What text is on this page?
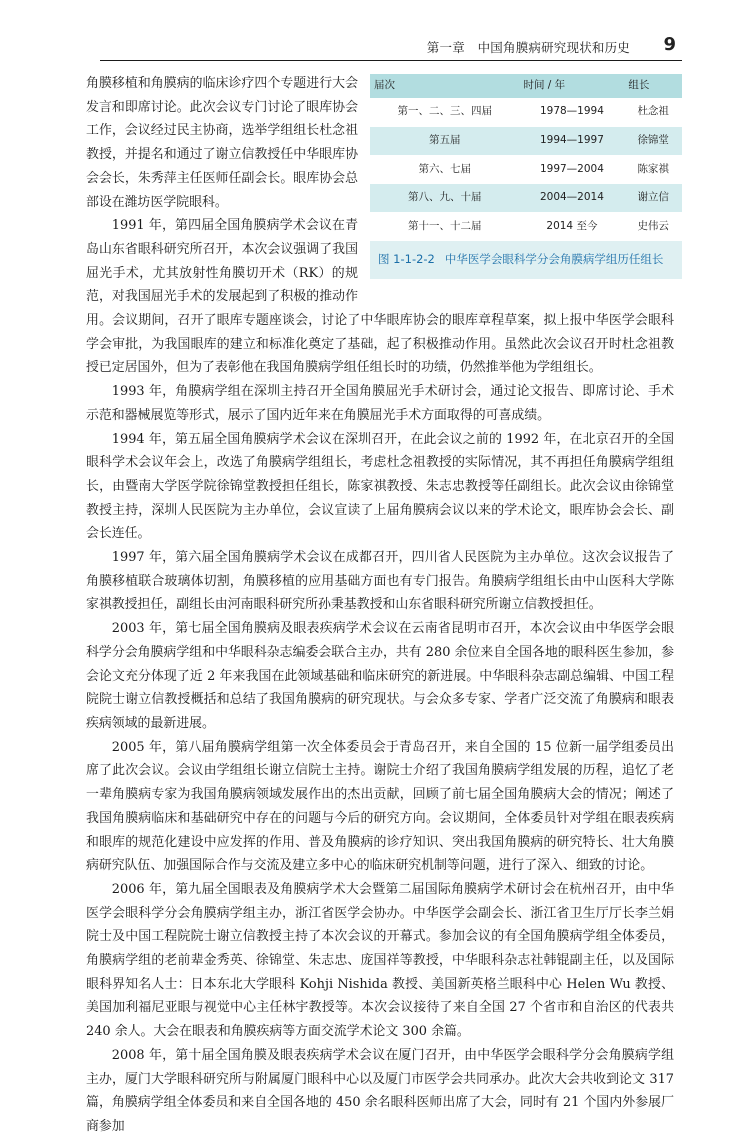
第一章　中国角膜病研究现状和历史 9
届次	时间 / 年	组长
第一、二、三、四届	1978—1994	杜念祖
第五届	1994—1997	徐锦堂
第六、七届	1997—2004	陈家祺
第八、九、十届	2004—2014	谢立信
第十一、十二届	2014 至今	史伟云
图 1-1-2-2 中华医学会眼科学分会角膜病学组历任组长

角膜移植和角膜病的临床诊疗四个专题进行大会发言和即席讨论。此次会议专门讨论了眼库协会工作，会议经过民主协商，选举学组组长杜念祖教授，并提名和通过了谢立信教授任中华眼库协会会长，朱秀萍主任医师任副会长。眼库协会总部设在潍坊医学院眼科。

1991 年，第四届全国角膜病学术会议在青岛山东省眼科研究所召开，本次会议强调了我国屈光手术，尤其放射性角膜切开术（RK）的规范，对我国屈光手术的发展起到了积极的推动作用。会议期间，召开了眼库专题座谈会，讨论了中华眼库协会的眼库章程草案，拟上报中华医学会眼科学会审批，为我国眼库的建立和标准化奠定了基础，起了积极推动作用。虽然此次会议召开时杜念祖教授已定居国外，但为了表彰他在我国角膜病学组任组长时的功绩，仍然推举他为学组组长。

1993 年，角膜病学组在深圳主持召开全国角膜屈光手术研讨会，通过论文报告、即席讨论、手术示范和器械展览等形式，展示了国内近年来在角膜屈光手术方面取得的可喜成绩。

1994 年，第五届全国角膜病学术会议在深圳召开，在此会议之前的 1992 年，在北京召开的全国眼科学术会议年会上，改选了角膜病学组组长，考虑杜念祖教授的实际情况，其不再担任角膜病学组组长，由暨南大学医学院徐锦堂教授担任组长，陈家祺教授、朱志忠教授等任副组长。此次会议由徐锦堂教授主持，深圳人民医院为主办单位，会议宣读了上届角膜病会议以来的学术论文，眼库协会会长、副会长连任。

1997 年，第六届全国角膜病学术会议在成都召开，四川省人民医院为主办单位。这次会议报告了角膜移植联合玻璃体切割，角膜移植的应用基础方面也有专门报告。角膜病学组组长由中山医科大学陈家祺教授担任，副组长由河南眼科研究所孙秉基教授和山东省眼科研究所谢立信教授担任。

2003 年，第七届全国角膜病及眼表疾病学术会议在云南省昆明市召开，本次会议由中华医学会眼科学分会角膜病学组和中华眼科杂志编委会联合主办，共有 280 余位来自全国各地的眼科医生参加，参会论文充分体现了近 2 年来我国在此领域基础和临床研究的新进展。中华眼科杂志副总编辑、中国工程院院士谢立信教授概括和总结了我国角膜病的研究现状。与会众多专家、学者广泛交流了角膜病和眼表疾病领域的最新进展。

2005 年，第八届角膜病学组第一次全体委员会于青岛召开，来自全国的 15 位新一届学组委员出席了此次会议。会议由学组组长谢立信院士主持。谢院士介绍了我国角膜病学组发展的历程，追忆了老一辈角膜病专家为我国角膜病领域发展作出的杰出贡献，回顾了前七届全国角膜病大会的情况；阐述了我国角膜病临床和基础研究中存在的问题与今后的研究方向。会议期间，全体委员针对学组在眼表疾病和眼库的规范化建设中应发挥的作用、普及角膜病的诊疗知识、突出我国角膜病的研究特长、壮大角膜病研究队伍、加强国际合作与交流及建立多中心的临床研究机制等问题，进行了深入、细致的讨论。

2006 年，第九届全国眼表及角膜病学术大会暨第二届国际角膜病学术研讨会在杭州召开，由中华医学会眼科学分会角膜病学组主办，浙江省医学会协办。中华医学会副会长、浙江省卫生厅厅长李兰娟院士及中国工程院院士谢立信教授主持了本次会议的开幕式。参加会议的有全国角膜病学组全体委员，角膜病学组的老前辈金秀英、徐锦堂、朱志忠、庞国祥等教授，中华眼科杂志社韩锟副主任，以及国际眼科界知名人士：日本东北大学眼科 Kohji Nishida 教授、美国新英格兰眼科中心 Helen Wu 教授、美国加利福尼亚眼与视觉中心主任林宇教授等。本次会议接待了来自全国 27 个省市和自治区的代表共 240 余人。大会在眼表和角膜疾病等方面交流学术论文 300 余篇。

2008 年，第十届全国角膜及眼表疾病学术会议在厦门召开，由中华医学会眼科学分会角膜病学组主办，厦门大学眼科研究所与附属厦门眼科中心以及厦门市医学会共同承办。此次大会共收到论文 317 篇，角膜病学组全体委员和来自全国各地的 450 余名眼科医师出席了大会，同时有 21 个国内外参展厂商参加
